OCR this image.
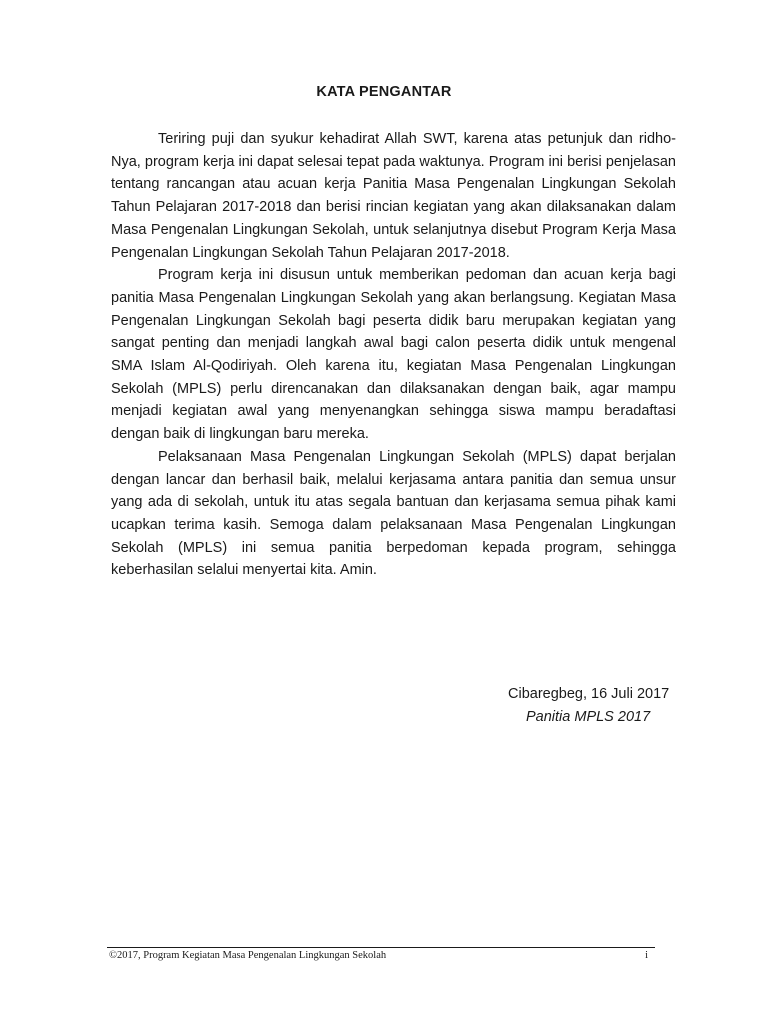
KATA PENGANTAR

Teriring puji dan syukur kehadirat Allah SWT, karena atas petunjuk dan ridho-Nya, program kerja ini dapat selesai tepat pada waktunya. Program ini berisi penjelasan tentang rancangan atau acuan kerja Panitia Masa Pengenalan Lingkungan Sekolah Tahun Pelajaran 2017-2018 dan berisi rincian kegiatan yang akan dilaksanakan dalam Masa Pengenalan Lingkungan Sekolah, untuk selanjutnya disebut Program Kerja Masa Pengenalan Lingkungan Sekolah Tahun Pelajaran 2017-2018.

Program kerja ini disusun untuk memberikan pedoman dan acuan kerja bagi panitia Masa Pengenalan Lingkungan Sekolah yang akan berlangsung. Kegiatan Masa Pengenalan Lingkungan Sekolah bagi peserta didik baru merupakan kegiatan yang sangat penting dan menjadi langkah awal bagi calon peserta didik untuk mengenal SMA Islam Al-Qodiriyah. Oleh karena itu, kegiatan Masa Pengenalan Lingkungan Sekolah (MPLS) perlu direncanakan dan dilaksanakan dengan baik, agar mampu menjadi kegiatan awal yang menyenangkan sehingga siswa mampu beradaftasi dengan baik di lingkungan baru mereka.

Pelaksanaan Masa Pengenalan Lingkungan Sekolah (MPLS) dapat berjalan dengan lancar dan berhasil baik, melalui kerjasama antara panitia dan semua unsur yang ada di sekolah, untuk itu atas segala bantuan dan kerjasama semua pihak kami ucapkan terima kasih. Semoga dalam pelaksanaan Masa Pengenalan Lingkungan Sekolah (MPLS) ini semua panitia berpedoman kepada program, sehingga keberhasilan selalui menyertai kita. Amin.

Cibaregbeg, 16 Juli 2017
Panitia MPLS 2017
©2017, Program Kegiatan Masa Pengenalan Lingkungan Sekolah	i
